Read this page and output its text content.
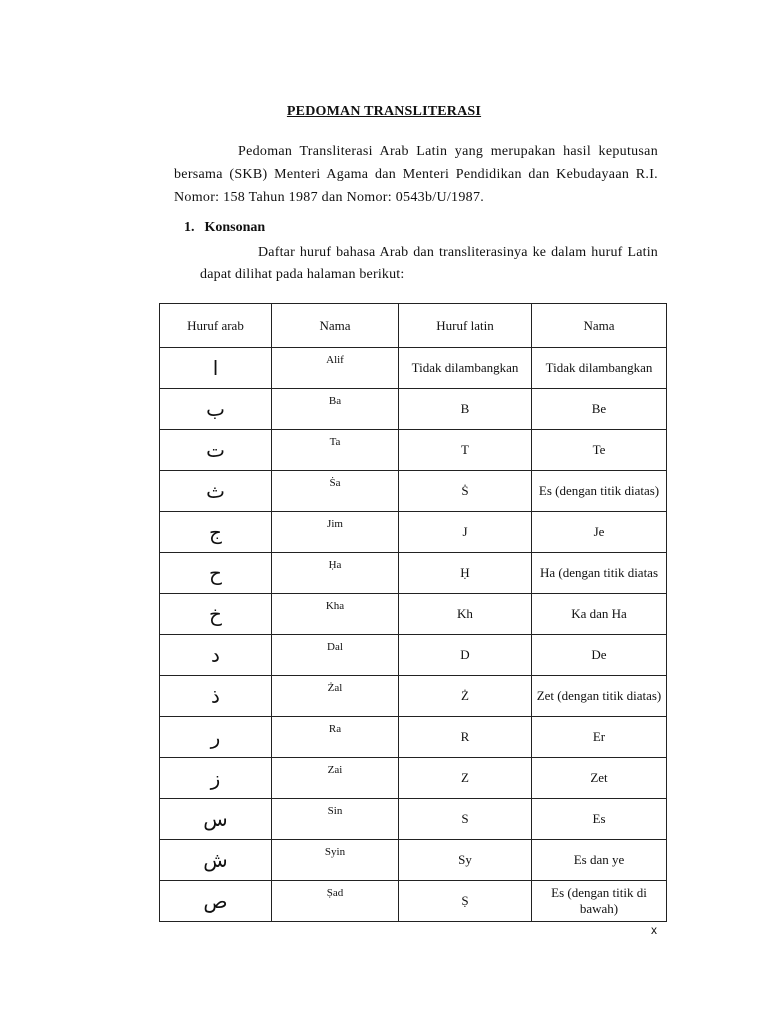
PEDOMAN TRANSLITERASI

Pedoman Transliterasi Arab Latin yang merupakan hasil keputusan bersama (SKB) Menteri Agama dan Menteri Pendidikan dan Kebudayaan R.I. Nomor: 158 Tahun 1987 dan Nomor: 0543b/U/1987.

1. Konsonan

Daftar huruf bahasa Arab dan transliterasinya ke dalam huruf Latin dapat dilihat pada halaman berikut:

Huruf arab	Nama	Huruf latin	Nama
ا	Alif	Tidak dilambangkan	Tidak dilambangkan
ب	Ba	B	Be
ت	Ta	T	Te
ث	Ṡa	Ṡ	Es (dengan titik diatas)
ج	Jim	J	Je
ح	Ḥa	Ḥ	Ha (dengan titik diatas
خ	Kha	Kh	Ka dan Ha
د	Dal	D	De
ذ	Żal	Ż	Zet (dengan titik diatas)
ر	Ra	R	Er
ز	Zai	Z	Zet
س	Sin	S	Es
ش	Syin	Sy	Es dan ye
ص	Ṣad	Ṣ	Es (dengan titik di bawah)
x
